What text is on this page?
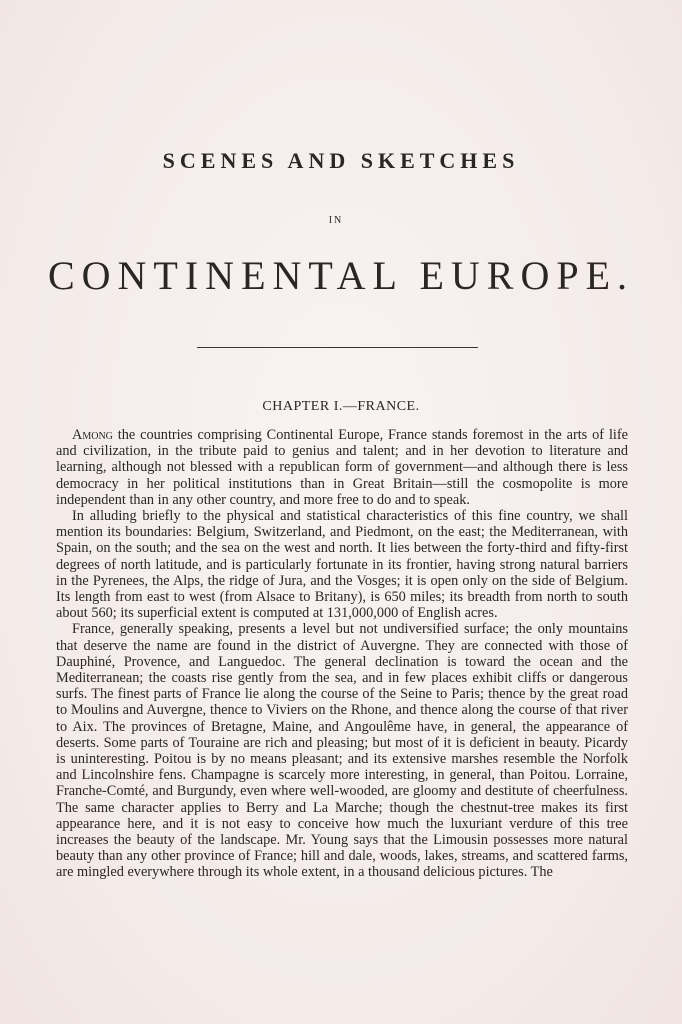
SCENES AND SKETCHES
IN
CONTINENTAL EUROPE.
CHAPTER I.—FRANCE.

Among the countries comprising Continental Europe, France stands foremost in the arts of life and civilization, in the tribute paid to genius and talent; and in her devotion to literature and learning, although not blessed with a republican form of government—and although there is less democracy in her political institutions than in Great Britain—still the cosmopolite is more independent than in any other country, and more free to do and to speak.

In alluding briefly to the physical and statistical characteristics of this fine country, we shall mention its boundaries: Belgium, Switzerland, and Piedmont, on the east; the Mediterranean, with Spain, on the south; and the sea on the west and north. It lies between the forty-third and fifty-first degrees of north latitude, and is particularly fortunate in its frontier, having strong natural barriers in the Pyrenees, the Alps, the ridge of Jura, and the Vosges; it is open only on the side of Belgium. Its length from east to west (from Alsace to Britany), is 650 miles; its breadth from north to south about 560; its superficial extent is computed at 131,000,000 of English acres.

France, generally speaking, presents a level but not undiversified surface; the only mountains that deserve the name are found in the district of Auvergne. They are connected with those of Dauphiné, Provence, and Languedoc. The general declination is toward the ocean and the Mediterranean; the coasts rise gently from the sea, and in few places exhibit cliffs or dangerous surfs. The finest parts of France lie along the course of the Seine to Paris; thence by the great road to Moulins and Auvergne, thence to Viviers on the Rhone, and thence along the course of that river to Aix. The provinces of Bretagne, Maine, and Angoulême have, in general, the appearance of deserts. Some parts of Touraine are rich and pleasing; but most of it is deficient in beauty. Picardy is uninteresting. Poitou is by no means pleasant; and its extensive marshes resemble the Norfolk and Lincolnshire fens. Champagne is scarcely more interesting, in general, than Poitou. Lorraine, Franche-Comté, and Burgundy, even where well-wooded, are gloomy and destitute of cheerfulness. The same character applies to Berry and La Marche; though the chestnut-tree makes its first appearance here, and it is not easy to conceive how much the luxuriant verdure of this tree increases the beauty of the landscape. Mr. Young says that the Limousin possesses more natural beauty than any other province of France; hill and dale, woods, lakes, streams, and scattered farms, are mingled everywhere through its whole extent, in a thousand delicious pictures. The
